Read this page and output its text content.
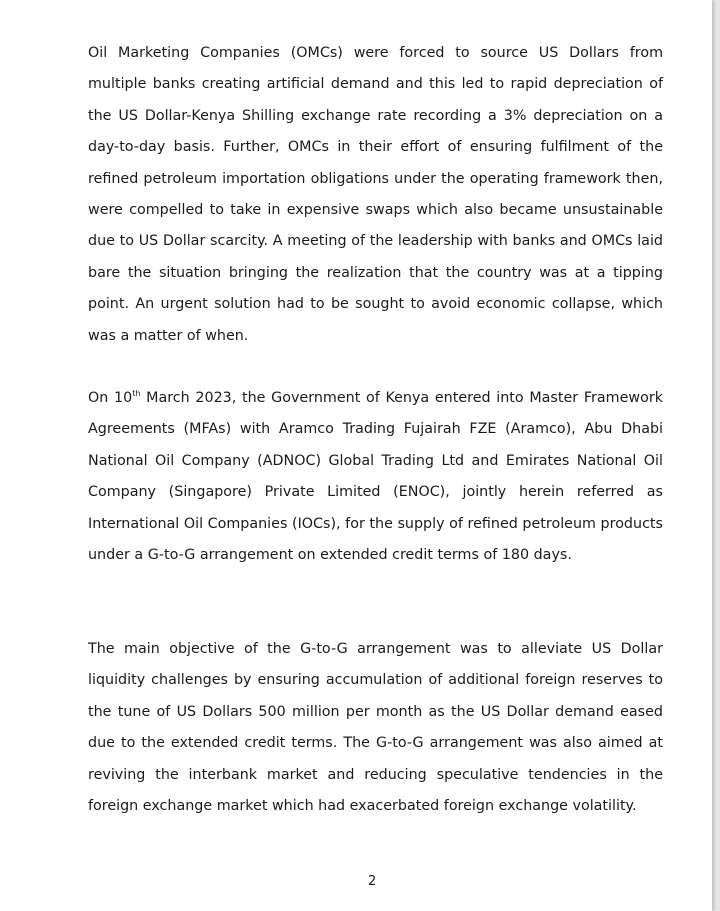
Oil Marketing Companies (OMCs) were forced to source US Dollars from multiple banks creating artificial demand and this led to rapid depreciation of the US Dollar-Kenya Shilling exchange rate recording a 3% depreciation on a day-to-day basis. Further, OMCs in their effort of ensuring fulfilment of the refined petroleum importation obligations under the operating framework then, were compelled to take in expensive swaps which also became unsustainable due to US Dollar scarcity. A meeting of the leadership with banks and OMCs laid bare the situation bringing the realization that the country was at a tipping point. An urgent solution had to be sought to avoid economic collapse, which was a matter of when.

On 10th March 2023, the Government of Kenya entered into Master Framework Agreements (MFAs) with Aramco Trading Fujairah FZE (Aramco), Abu Dhabi National Oil Company (ADNOC) Global Trading Ltd and Emirates National Oil Company (Singapore) Private Limited (ENOC), jointly herein referred as International Oil Companies (IOCs), for the supply of refined petroleum products under a G-to-G arrangement on extended credit terms of 180 days.

The main objective of the G-to-G arrangement was to alleviate US Dollar liquidity challenges by ensuring accumulation of additional foreign reserves to the tune of US Dollars 500 million per month as the US Dollar demand eased due to the extended credit terms. The G-to-G arrangement was also aimed at reviving the interbank market and reducing speculative tendencies in the foreign exchange market which had exacerbated foreign exchange volatility.

2
